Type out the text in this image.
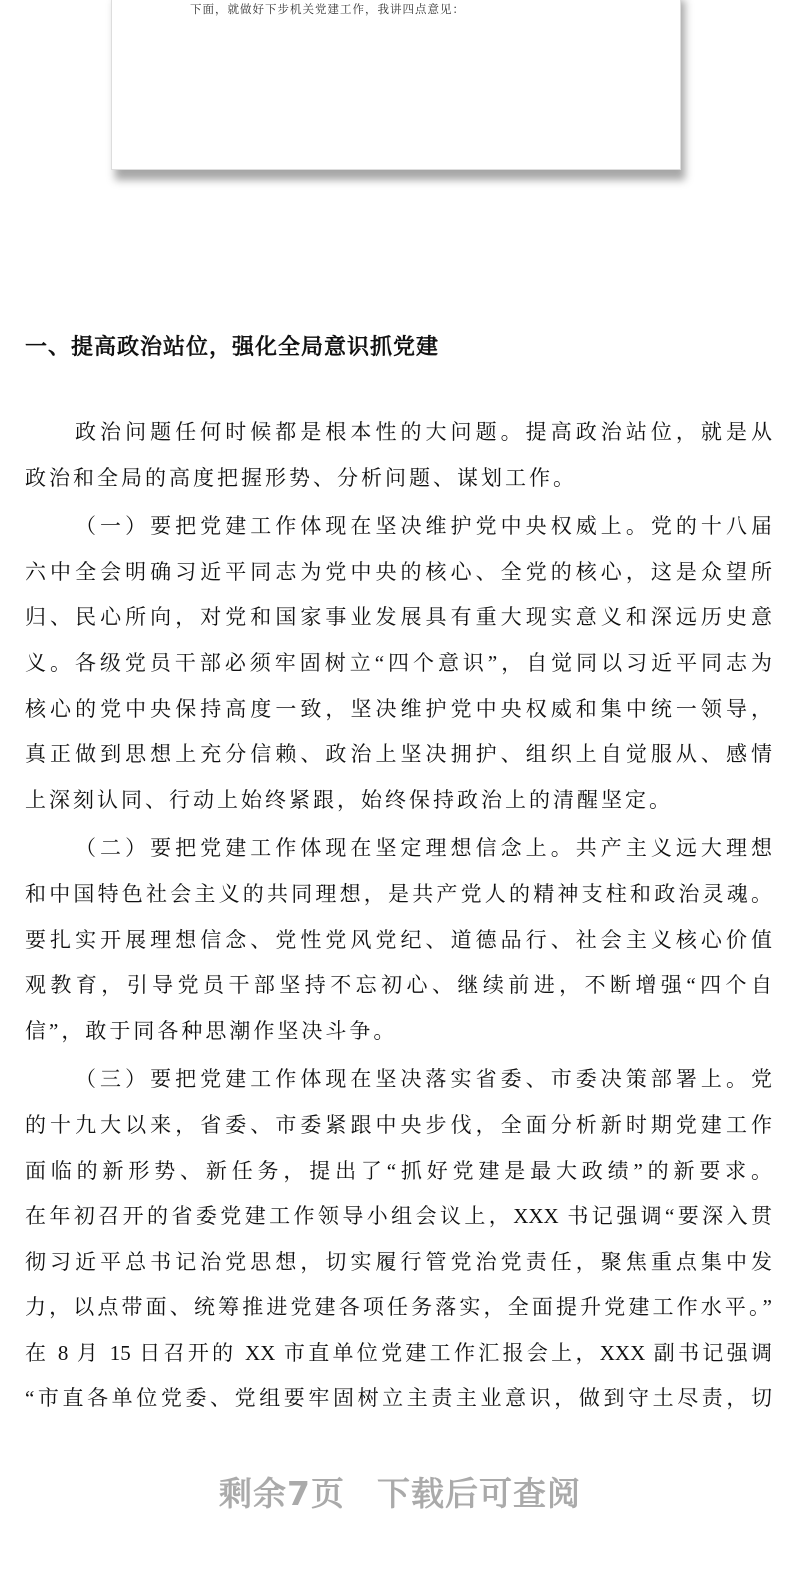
下面，就做好下步机关党建工作，我讲四点意见：
一、提高政治站位，强化全局意识抓党建
政治问题任何时候都是根本性的大问题。提高政治站位，就是从
政治和全局的高度把握形势、分析问题、谋划工作。
（一）要把党建工作体现在坚决维护党中央权威上。党的十八届
六中全会明确习近平同志为党中央的核心、全党的核心，这是众望所
归、民心所向，对党和国家事业发展具有重大现实意义和深远历史意
义。各级党员干部必须牢固树立“四个意识”，自觉同以习近平同志为
核心的党中央保持高度一致，坚决维护党中央权威和集中统一领导，
真正做到思想上充分信赖、政治上坚决拥护、组织上自觉服从、感情
上深刻认同、行动上始终紧跟，始终保持政治上的清醒坚定。
（二）要把党建工作体现在坚定理想信念上。共产主义远大理想
和中国特色社会主义的共同理想，是共产党人的精神支柱和政治灵魂。
要扎实开展理想信念、党性党风党纪、道德品行、社会主义核心价值
观教育，引导党员干部坚持不忘初心、继续前进，不断增强“四个自
信”，敢于同各种思潮作坚决斗争。
（三）要把党建工作体现在坚决落实省委、市委决策部署上。党
的十九大以来，省委、市委紧跟中央步伐，全面分析新时期党建工作
面临的新形势、新任务，提出了“抓好党建是最大政绩”的新要求。
在年初召开的省委党建工作领导小组会议上，XXX 书记强调“要深入贯
彻习近平总书记治党思想，切实履行管党治党责任，聚焦重点集中发
力，以点带面、统筹推进党建各项任务落实，全面提升党建工作水平。”
在 8 月 15 日召开的 XX 市直单位党建工作汇报会上，XXX 副书记强调
“市直各单位党委、党组要牢固树立主责主业意识，做到守土尽责，切
剩余7页 下载后可查阅
